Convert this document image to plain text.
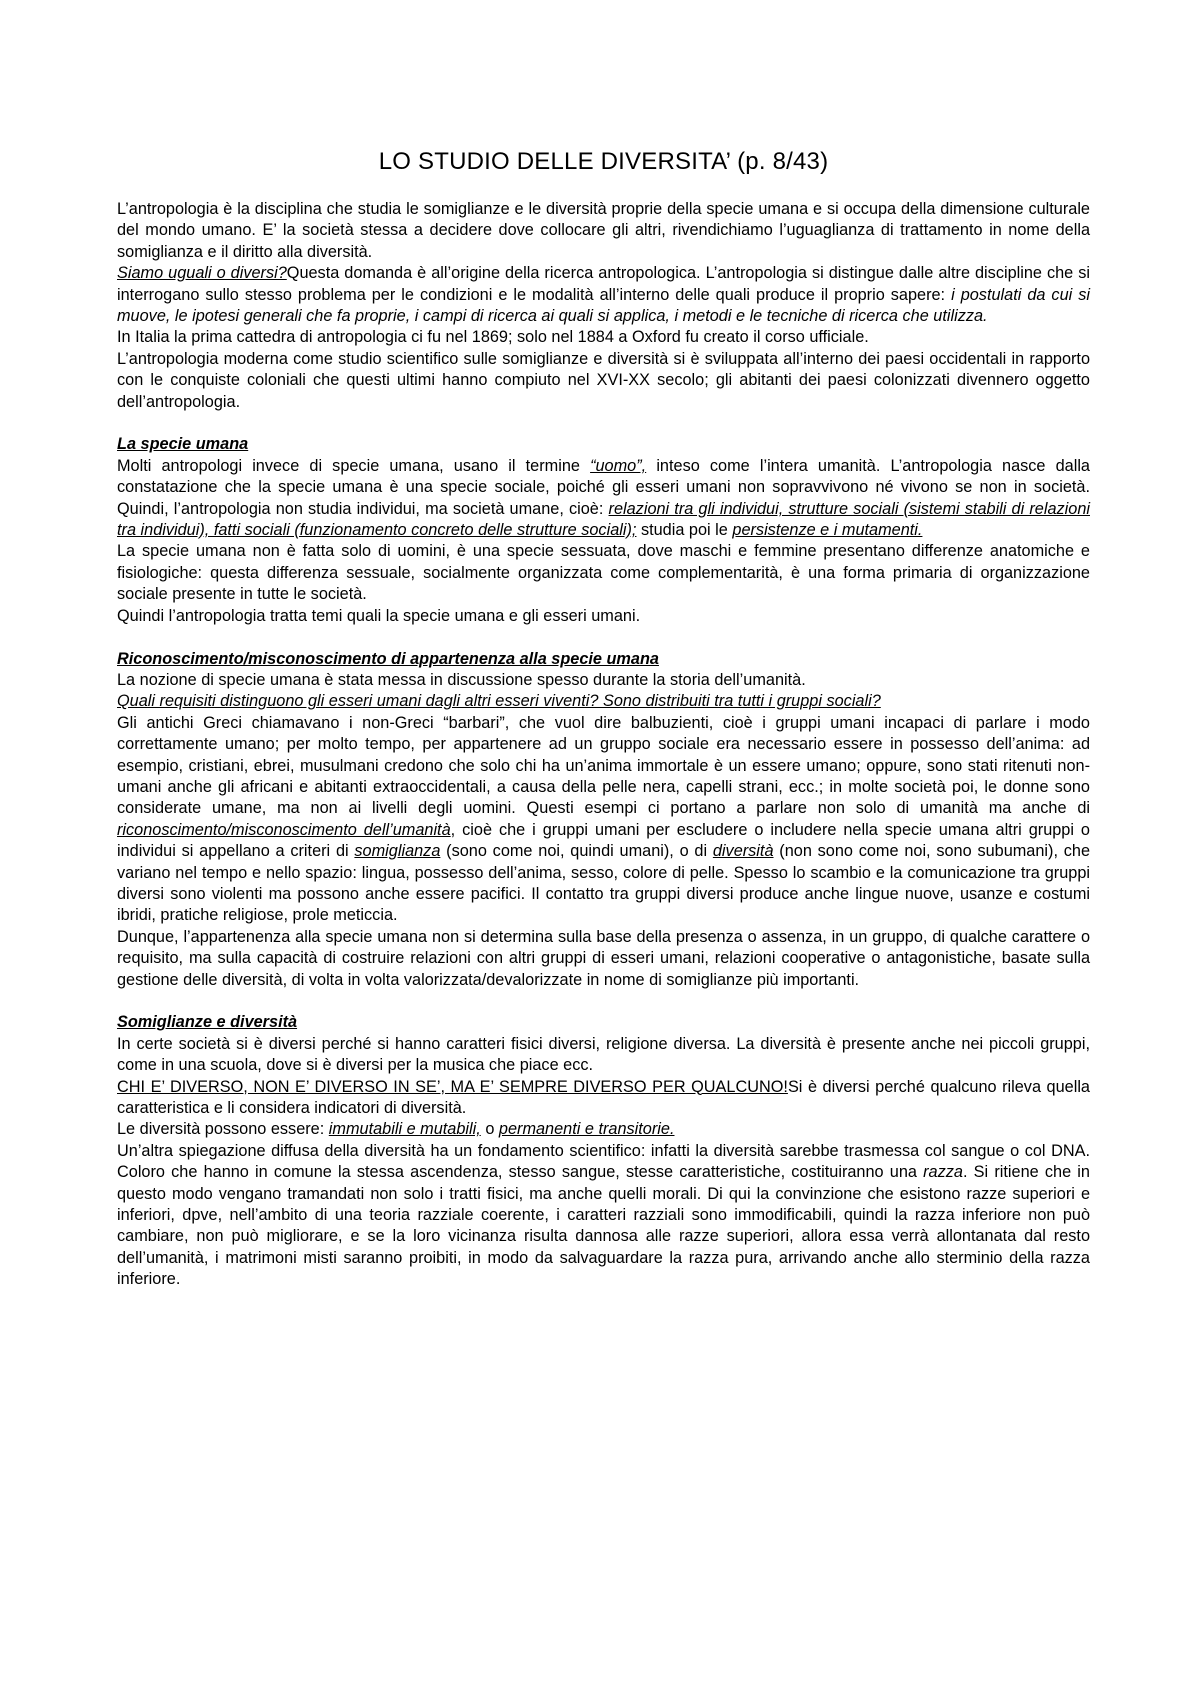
LO STUDIO DELLE DIVERSITA’ (p. 8/43)

L’antropologia è la disciplina che studia le somiglianze e le diversità proprie della specie umana e si occupa della dimensione culturale del mondo umano. E’ la società stessa a decidere dove collocare gli altri, rivendichiamo l’uguaglianza di trattamento in nome della somiglianza e il diritto alla diversità.

Siamo uguali o diversi?Questa domanda è all’origine della ricerca antropologica. L’antropologia si distingue dalle altre discipline che si interrogano sullo stesso problema per le condizioni e le modalità all’interno delle quali produce il proprio sapere: i postulati da cui si muove, le ipotesi generali che fa proprie, i campi di ricerca ai quali si applica, i metodi e le tecniche di ricerca che utilizza.

In Italia la prima cattedra di antropologia ci fu nel 1869; solo nel 1884 a Oxford fu creato il corso ufficiale.

L’antropologia moderna come studio scientifico sulle somiglianze e diversità si è sviluppata all’interno dei paesi occidentali in rapporto con le conquiste coloniali che questi ultimi hanno compiuto nel XVI-XX secolo; gli abitanti dei paesi colonizzati divennero oggetto dell’antropologia.

La specie umana

Molti antropologi invece di specie umana, usano il termine “uomo”, inteso come l’intera umanità. L’antropologia nasce dalla constatazione che la specie umana è una specie sociale, poiché gli esseri umani non sopravvivono né vivono se non in società. Quindi, l’antropologia non studia individui, ma società umane, cioè: relazioni tra gli individui, strutture sociali (sistemi stabili di relazioni tra individui), fatti sociali (funzionamento concreto delle strutture sociali); studia poi le persistenze e i mutamenti.

La specie umana non è fatta solo di uomini, è una specie sessuata, dove maschi e femmine presentano differenze anatomiche e fisiologiche: questa differenza sessuale, socialmente organizzata come complementarità, è una forma primaria di organizzazione sociale presente in tutte le società.

Quindi l’antropologia tratta temi quali la specie umana e gli esseri umani.

Riconoscimento/misconoscimento di appartenenza alla specie umana

La nozione di specie umana è stata messa in discussione spesso durante la storia dell’umanità.

Quali requisiti distinguono gli esseri umani dagli altri esseri viventi? Sono distribuiti tra tutti i gruppi sociali?

Gli antichi Greci chiamavano i non-Greci “barbari”, che vuol dire balbuzienti, cioè i gruppi umani incapaci di parlare i modo correttamente umano; per molto tempo, per appartenere ad un gruppo sociale era necessario essere in possesso dell’anima: ad esempio, cristiani, ebrei, musulmani credono che solo chi ha un’anima immortale è un essere umano; oppure, sono stati ritenuti non-umani anche gli africani e abitanti extraoccidentali, a causa della pelle nera, capelli strani, ecc.; in molte società poi, le donne sono considerate umane, ma non ai livelli degli uomini. Questi esempi ci portano a parlare non solo di umanità ma anche di riconoscimento/misconoscimento dell’umanità, cioè che i gruppi umani per escludere o includere nella specie umana altri gruppi o individui si appellano a criteri di somiglianza (sono come noi, quindi umani), o di diversità (non sono come noi, sono subumani), che variano nel tempo e nello spazio: lingua, possesso dell’anima, sesso, colore di pelle. Spesso lo scambio e la comunicazione tra gruppi diversi sono violenti ma possono anche essere pacifici. Il contatto tra gruppi diversi produce anche lingue nuove, usanze e costumi ibridi, pratiche religiose, prole meticcia.

Dunque, l’appartenenza alla specie umana non si determina sulla base della presenza o assenza, in un gruppo, di qualche carattere o requisito, ma sulla capacità di costruire relazioni con altri gruppi di esseri umani, relazioni cooperative o antagonistiche, basate sulla gestione delle diversità, di volta in volta valorizzata/devalorizzate in nome di somiglianze più importanti.

Somiglianze e diversità

In certe società si è diversi perché si hanno caratteri fisici diversi, religione diversa. La diversità è presente anche nei piccoli gruppi, come in una scuola, dove si è diversi per la musica che piace ecc.

CHI E’ DIVERSO, NON E’ DIVERSO IN SE’, MA E’ SEMPRE DIVERSO PER QUALCUNO!Si è diversi perché qualcuno rileva quella caratteristica e li considera indicatori di diversità.

Le diversità possono essere: immutabili e mutabili, o permanenti e transitorie.

Un’altra spiegazione diffusa della diversità ha un fondamento scientifico: infatti la diversità sarebbe trasmessa col sangue o col DNA. Coloro che hanno in comune la stessa ascendenza, stesso sangue, stesse caratteristiche, costituiranno una razza. Si ritiene che in questo modo vengano tramandati non solo i tratti fisici, ma anche quelli morali. Di qui la convinzione che esistono razze superiori e inferiori, dpve, nell’ambito di una teoria razziale coerente, i caratteri razziali sono immodificabili, quindi la razza inferiore non può cambiare, non può migliorare, e se la loro vicinanza risulta dannosa alle razze superiori, allora essa verrà allontanata dal resto dell’umanità, i matrimoni misti saranno proibiti, in modo da salvaguardare la razza pura, arrivando anche allo sterminio della razza inferiore.
